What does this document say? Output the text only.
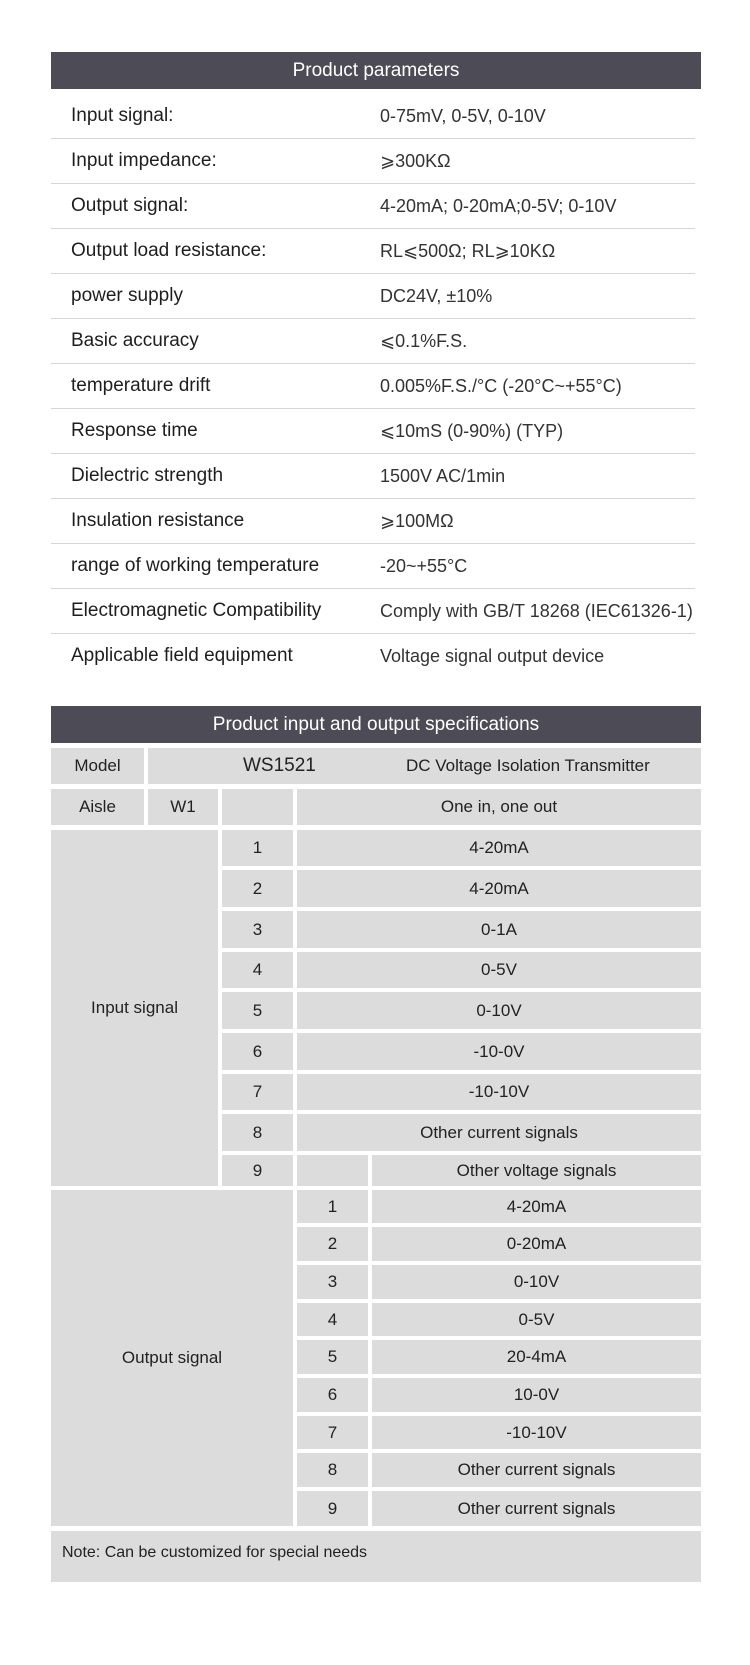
Product parameters
Input signal:	0-75mV, 0-5V, 0-10V
Input impedance:	⩾300KΩ
Output signal:	4-20mA; 0-20mA;0-5V; 0-10V
Output load resistance:	RL⩽500Ω; RL⩾10KΩ
power supply	DC24V, ±10%
Basic accuracy	⩽0.1%F.S.
temperature drift	0.005%F.S./°C (-20°C~+55°C)
Response time	⩽10mS (0-90%) (TYP)
Dielectric strength	1500V AC/1min
Insulation resistance	⩾100MΩ
range of working temperature	-20~+55°C
Electromagnetic Compatibility	Comply with GB/T 18268 (IEC61326-1)
Applicable field equipment	Voltage signal output device
Product input and output specifications
Model	WS1521	DC Voltage Isolation Transmitter
Aisle	W1	One in, one out
Input signal
1	4-20mA
2	4-20mA
3	0-1A
4	0-5V
5	0-10V
6	-10-0V
7	-10-10V
8	Other current signals
9	Other voltage signals
Output signal
1	4-20mA
2	0-20mA
3	0-10V
4	0-5V
5	20-4mA
6	10-0V
7	-10-10V
8	Other current signals
9	Other current signals
Note: Can be customized for special needs
